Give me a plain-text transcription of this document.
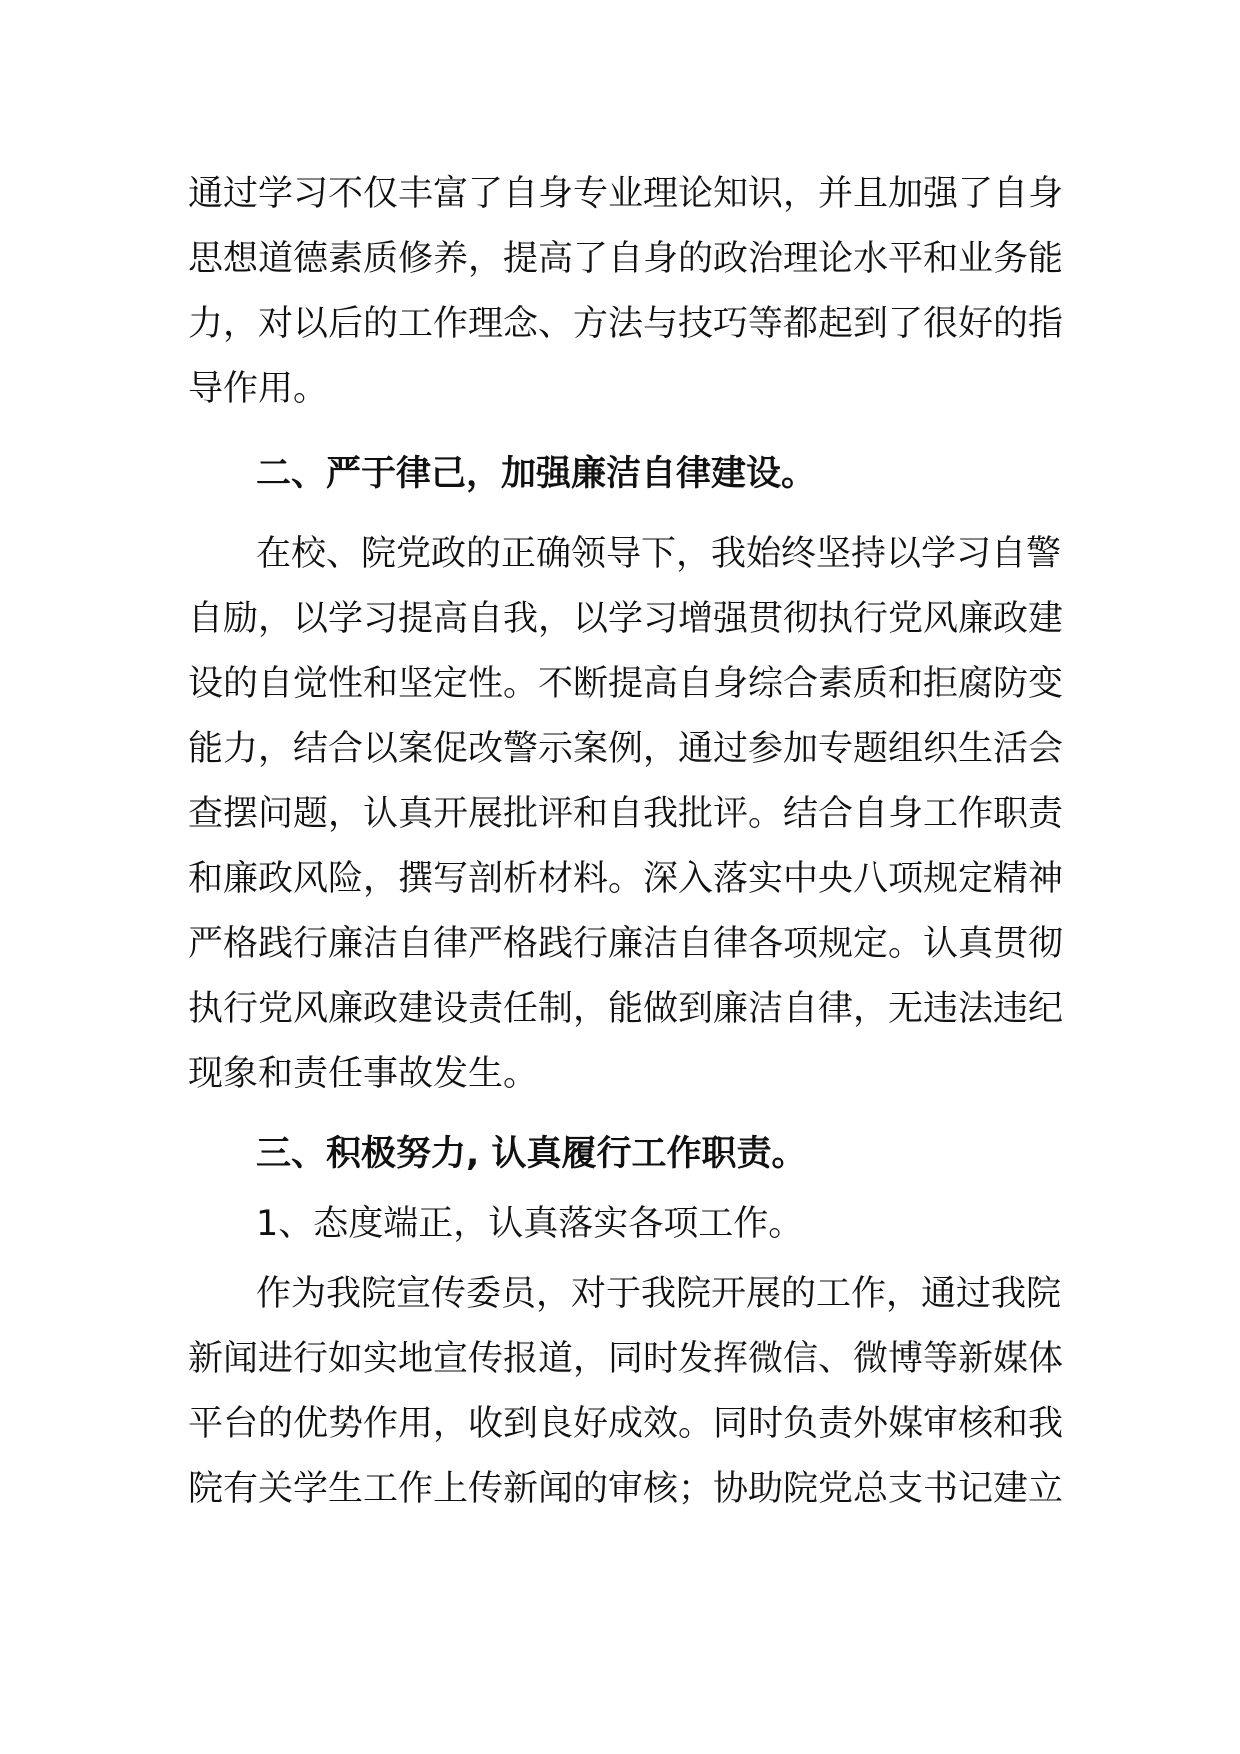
通过学习不仅丰富了自身专业理论知识，并且加强了自身
思想道德素质修养，提高了自身的政治理论水平和业务能
力，对以后的工作理念、方法与技巧等都起到了很好的指
导作用。
二、严于律己，加强廉洁自律建设。
在校、院党政的正确领导下，我始终坚持以学习自警
自励，以学习提高自我，以学习增强贯彻执行党风廉政建
设的自觉性和坚定性。不断提高自身综合素质和拒腐防变
能力，结合以案促改警示案例，通过参加专题组织生活会
查摆问题，认真开展批评和自我批评。结合自身工作职责
和廉政风险，撰写剖析材料。深入落实中央八项规定精神
严格践行廉洁自律严格践行廉洁自律各项规定。认真贯彻
执行党风廉政建设责任制，能做到廉洁自律，无违法违纪
现象和责任事故发生。
三、积极努力, 认真履行工作职责。
1、态度端正，认真落实各项工作。
作为我院宣传委员，对于我院开展的工作，通过我院
新闻进行如实地宣传报道，同时发挥微信、微博等新媒体
平台的优势作用，收到良好成效。同时负责外媒审核和我
院有关学生工作上传新闻的审核；协助院党总支书记建立
